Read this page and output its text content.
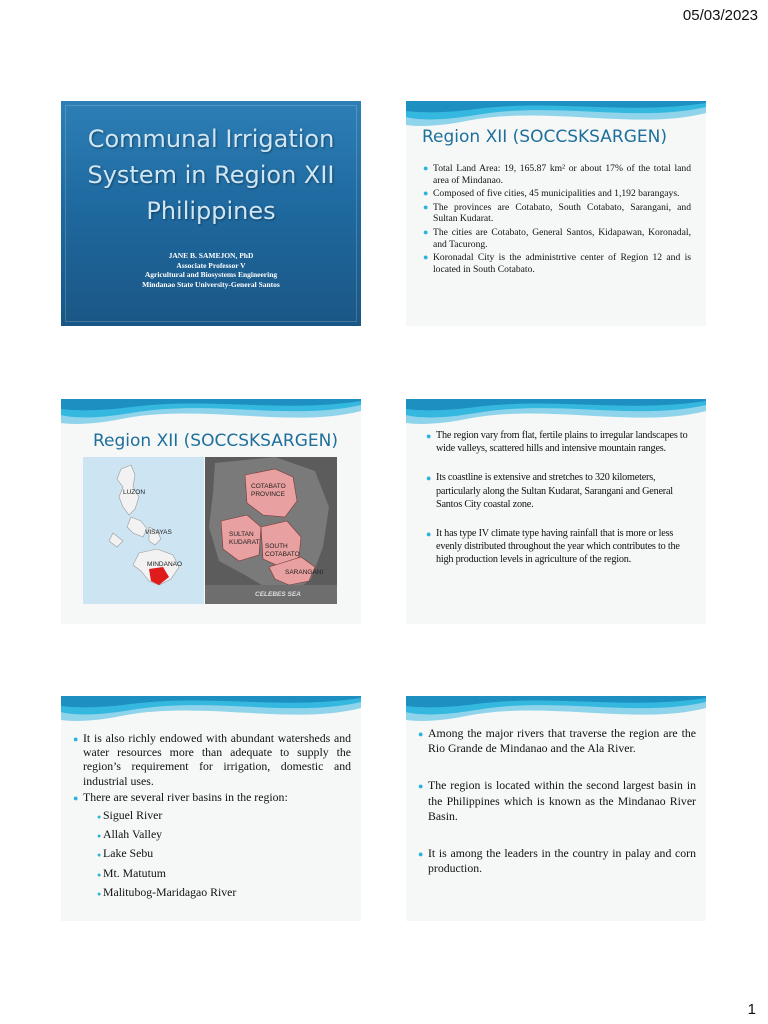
05/03/2023
Communal Irrigation
System in Region XII
Philippines
JANE B. SAMEJON, PhD
Associate Professor V
Agricultural and Biosystems Engineering
Mindanao State University-General Santos
Region XII (SOCCSKSARGEN)
● Total Land Area: 19, 165.87 km² or about 17% of the total land area of Mindanao.
● Composed of five cities, 45 municipalities and 1,192 barangays.
● The provinces are Cotabato, South Cotabato, Sarangani, and Sultan Kudarat.
● The cities are Cotabato, General Santos, Kidapawan, Koronadal, and Tacurong.
● Koronadal City is the administrtive center of Region 12 and is located in South Cotabato.
Region XII (SOCCSKSARGEN)
LUZON
VISAYAS
MINDANAO
COTABATO PROVINCE
SULTAN KUDARAT
SOUTH COTABATO
SARANGANI
CELEBES SEA
● The region vary from flat, fertile plains to irregular landscapes to wide valleys, scattered hills and intensive mountain ranges.
● Its coastline is extensive and stretches to 320 kilometers, particularly along the Sultan Kudarat, Sarangani and General Santos City coastal zone.
● It has type IV climate type having rainfall that is more or less evenly distributed throughout the year which contributes to the high production levels in agriculture of the region.
● It is also richly endowed with abundant watersheds and water resources more than adequate to supply the region’s requirement for irrigation, domestic and industrial uses.
● There are several river basins in the region:
● Siguel River
● Allah Valley
● Lake Sebu
● Mt. Matutum
● Malitubog-Maridagao River
● Among the major rivers that traverse the region are the Rio Grande de Mindanao and the Ala River.
● The region is located within the second largest basin in the Philippines which is known as the Mindanao River Basin.
● It is among the leaders in the country in palay and corn production.
1
